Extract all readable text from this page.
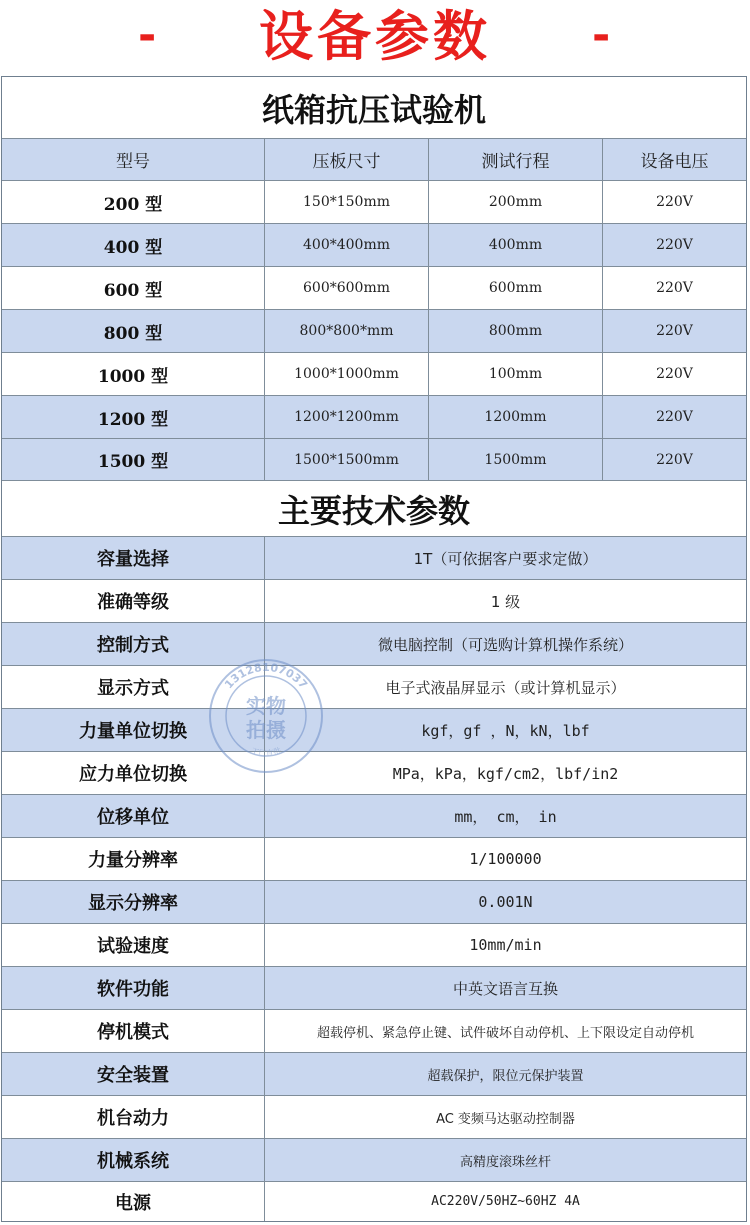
-	设备参数	-
纸箱抗压试验机
型号	压板尺寸	测试行程	设备电压
200 型	150*150mm	200mm	220V
400 型	400*400mm	400mm	220V
600 型	600*600mm	600mm	220V
800 型	800*800*mm	800mm	220V
1000 型	1000*1000mm	100mm	220V
1200 型	1200*1200mm	1200mm	220V
1500 型	1500*1500mm	1500mm	220V
主要技术参数
容量选择	1T（可依据客户要求定做）
准确等级	1 级
控制方式	微电脑控制（可选购计算机操作系统）
显示方式	电子式液晶屏显示（或计算机显示）
力量单位切换	kgf，gf ，N，kN，lbf
应力单位切换	MPa，kPa，kgf/cm2，lbf/in2
位移单位	mm， cm， in
力量分辨率	1/100000
显示分辨率	0.001N
试验速度	10mm/min
软件功能	中英文语言互换
停机模式	超载停机、紧急停止键、试件破坏自动停机、上下限设定自动停机
安全装置	超载保护，限位元保护装置
机台动力	AC 变频马达驱动控制器
机械系统	高精度滚珠丝杆
电源	AC220V/50HZ~60HZ 4A
13128107037
实物
拍摄
工厂直供
